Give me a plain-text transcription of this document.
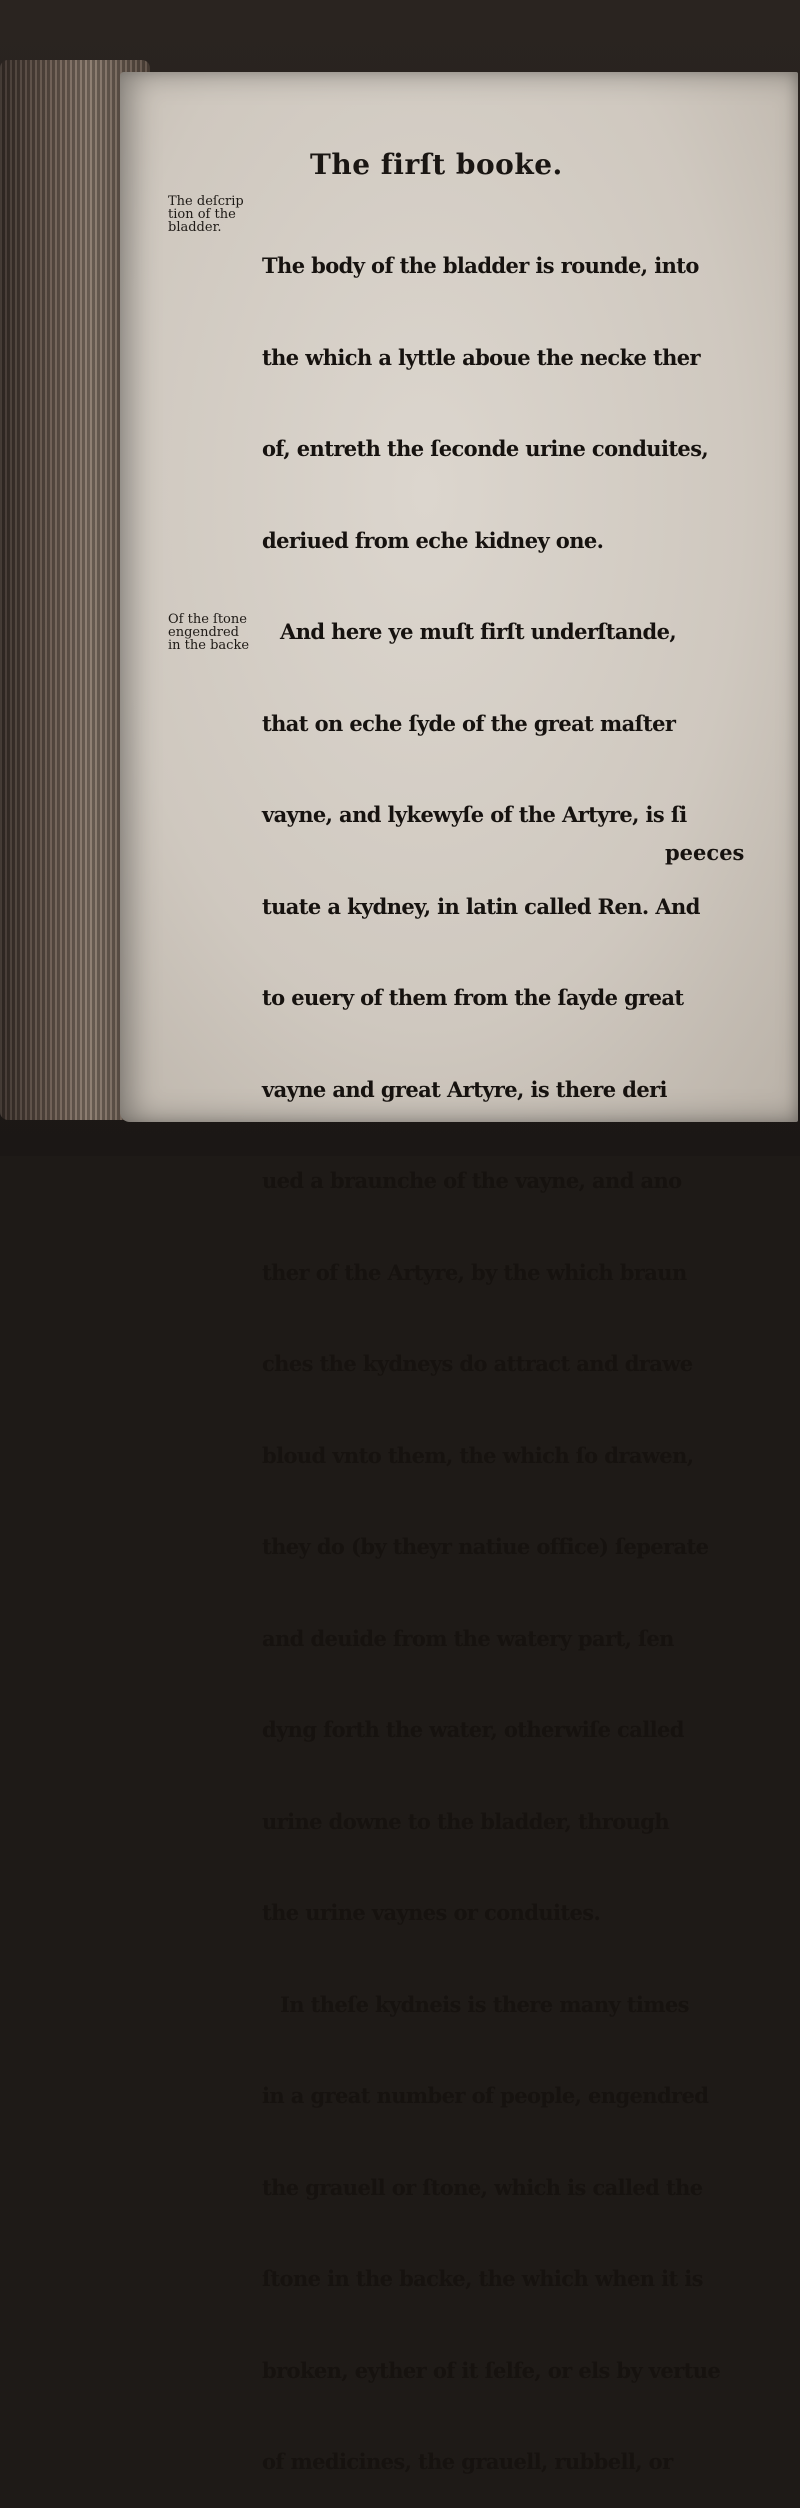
The firſt booke.
The deſcrip
tion of the
bladder.
Of the ſtone
engendred
in the backe

The body of the bladder is rounde, into

the which a lyttle aboue the necke ther

of, entreth the ſeconde urine conduites,

deriued from eche kidney one.

And here ye muſt firſt underſtande,

that on eche ſyde of the great maſter

vayne, and lykewyſe of the Artyre, is ſi

tuate a kydney, in latin called Ren. And

to euery of them from the ſayde great

vayne and great Artyre, is there deri

ued a braunche of the vayne, and ano

ther of the Artyre, by the which braun

ches the kydneys do attract and drawe

bloud vnto them, the which ſo drawen,

they do (by theyr natiue office) ſeperate

and deuide from the watery part, ſen

dyng forth the water, otherwiſe called

urine downe to the bladder, through

the urine vaynes or conduites.

In theſe kydneis is there many times

in a great number of people, engendred

the grauell or ſtone, which is called the

ſtone in the backe, the which when it is

broken, eyther of it ſelfe, or els by vertue

of medicines, the grauell, rubbell, or

peeces
